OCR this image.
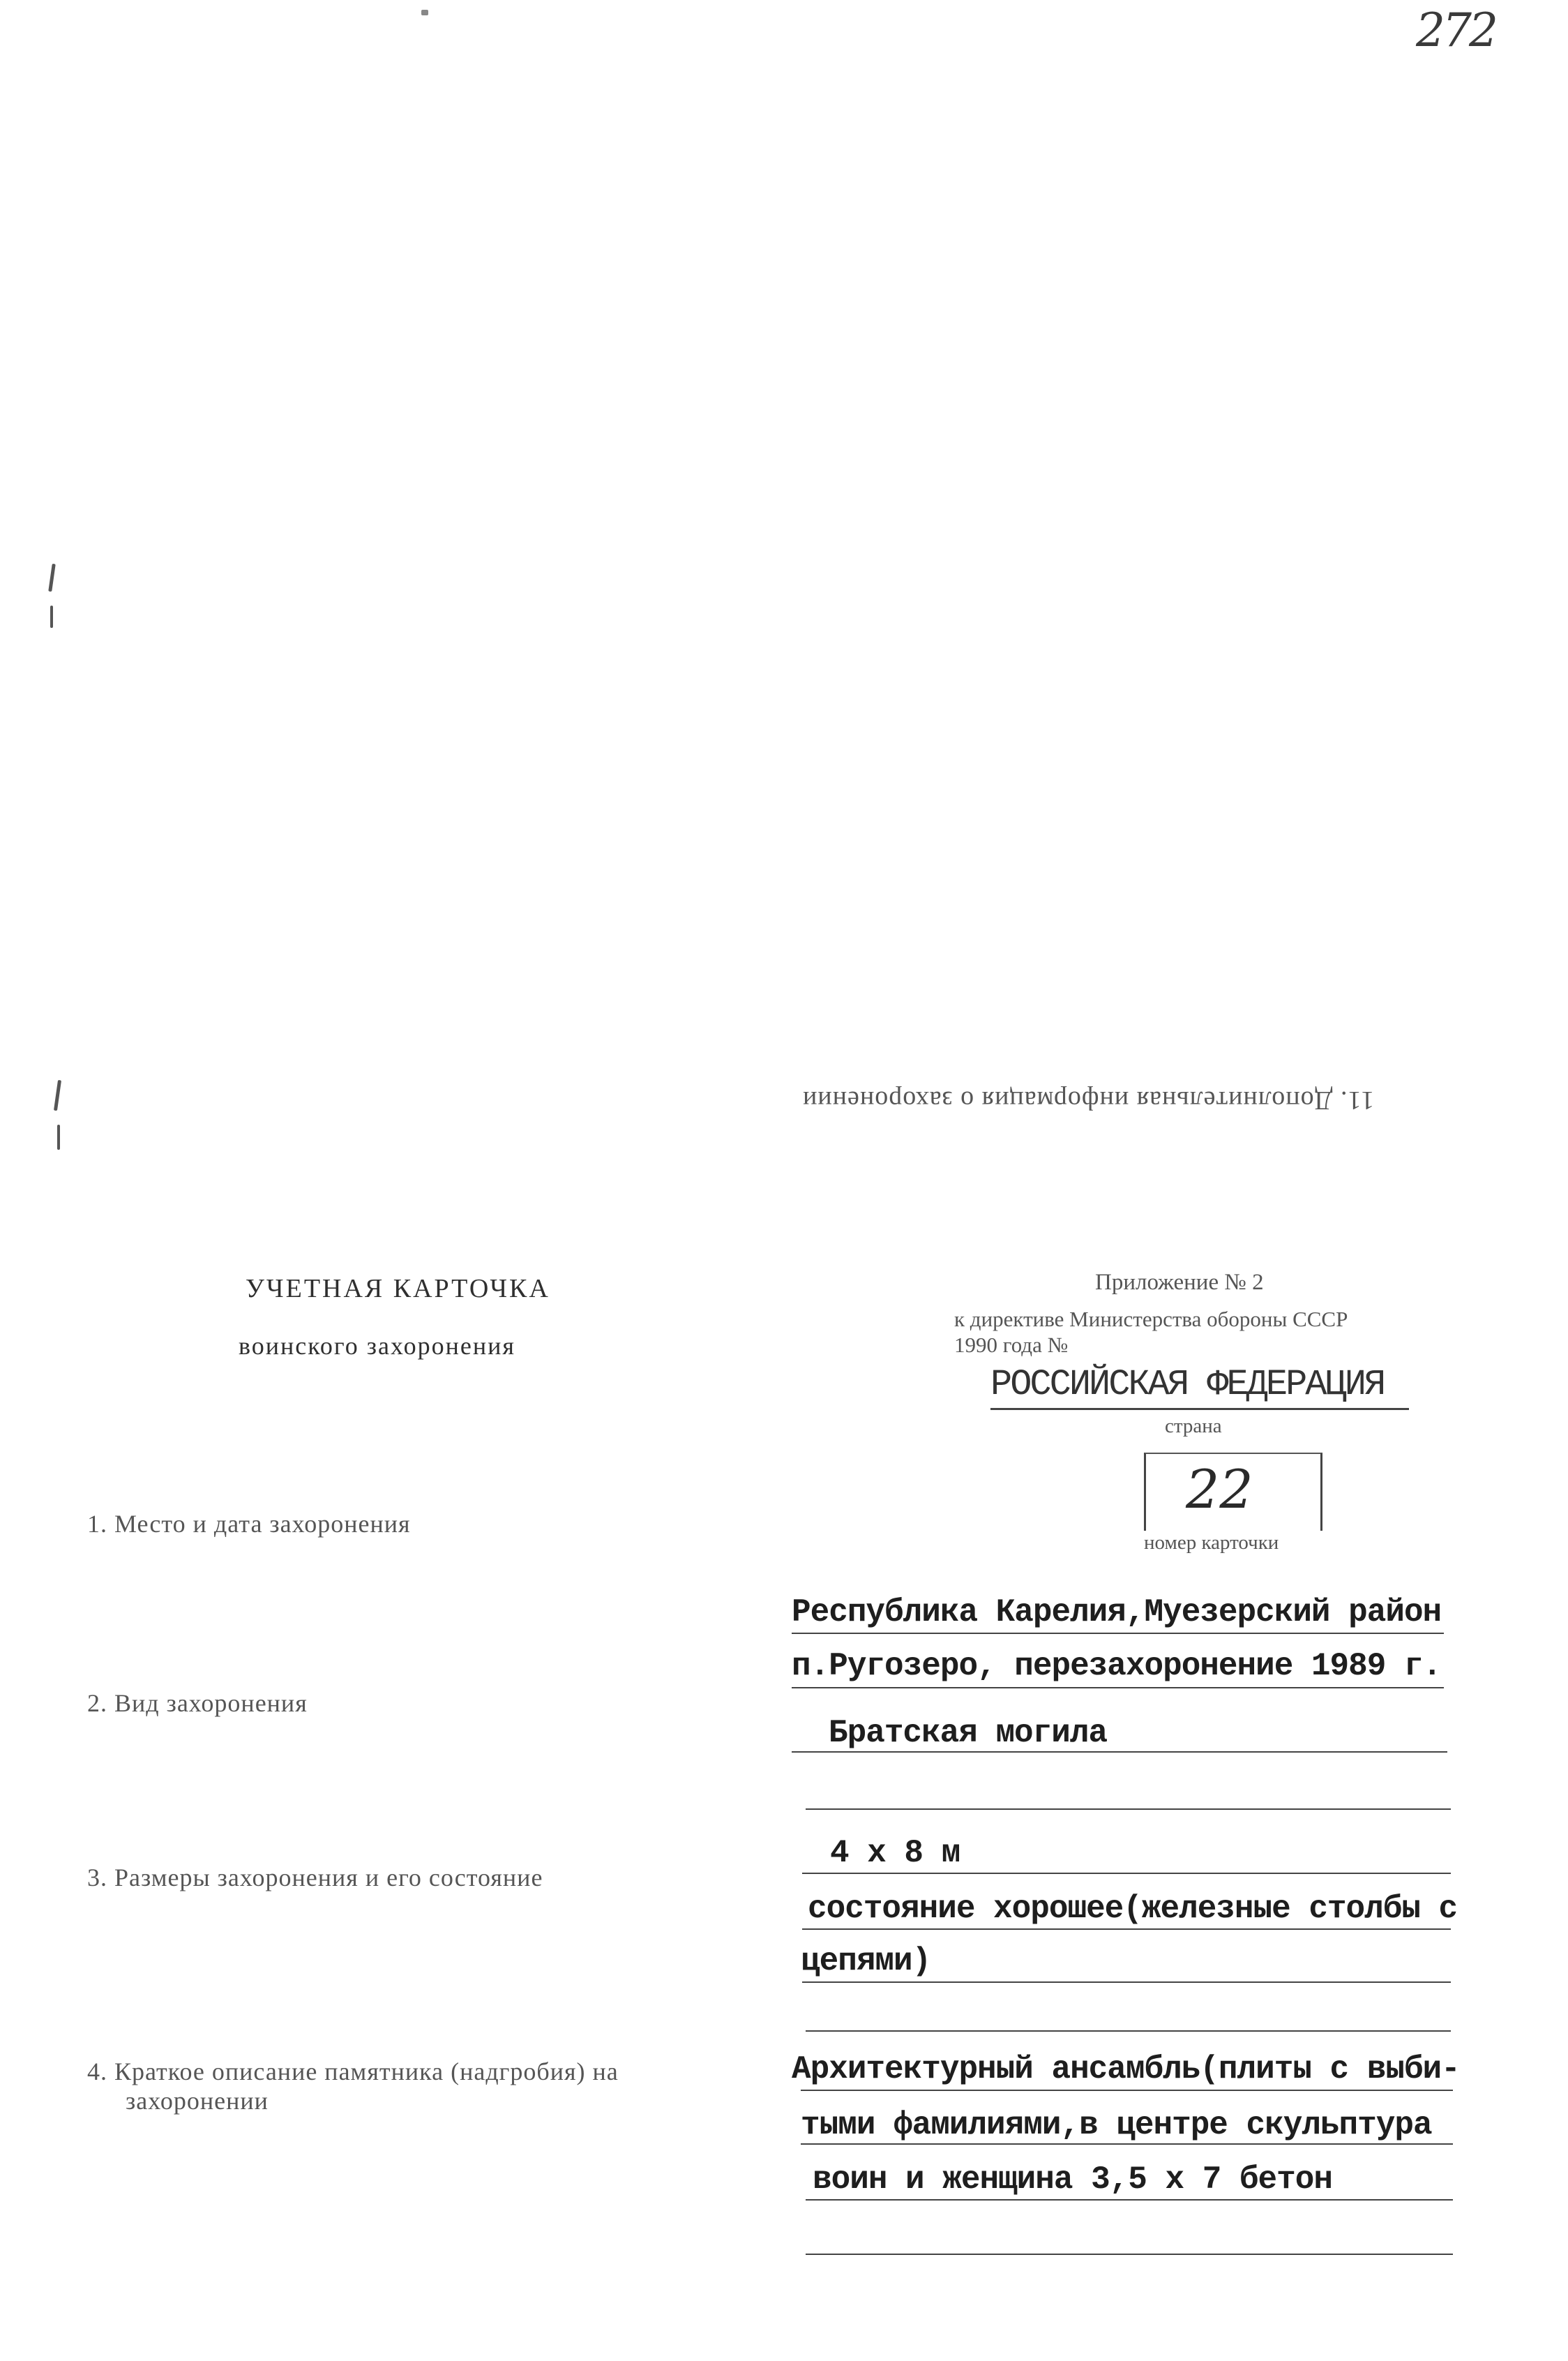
272
11. Дополнительная информация о захоронении
УЧЕТНАЯ КАРТОЧКА
воинского захоронения
Приложение № 2
к директиве Министерства обороны СССР
1990 года №
РОССИЙСКАЯ ФЕДЕРАЦИЯ
страна
22
номер карточки
1. Место и дата захоронения
2. Вид захоронения
3. Размеры захоронения и его состояние
4. Краткое описание памятника (надгробия) на
захоронении
Республика Карелия,Муезерский район
п.Ругозеро, перезахоронение 1989 г.
Братская могила
4 х 8 м
состояние хорошее(железные столбы с
цепями)
Архитектурный ансамбль(плиты с выби-
тыми фамилиями,в центре скульптура
воин и женщина 3,5 х 7 бетон
